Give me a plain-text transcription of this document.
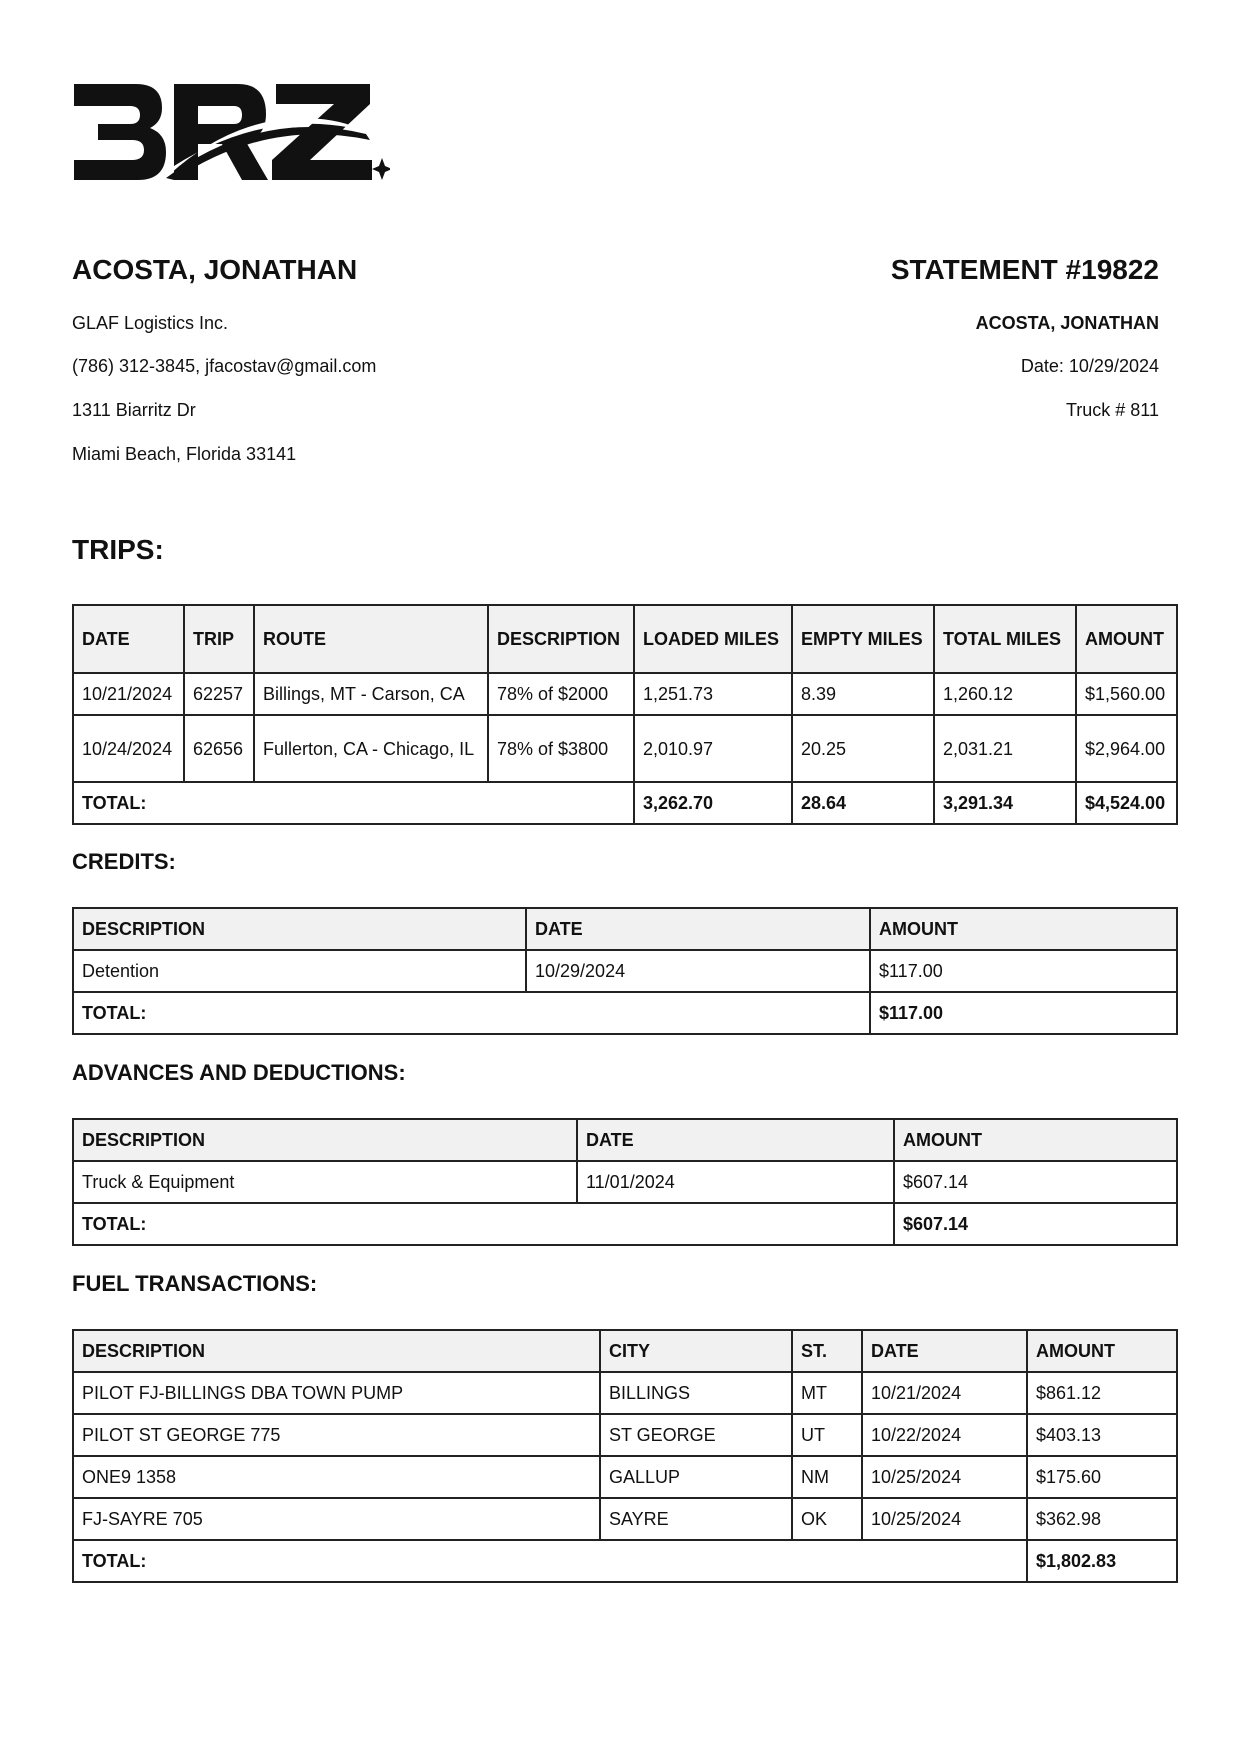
ACOSTA, JONATHAN

GLAF Logistics Inc.

(786) 312-3845, jfacostav@gmail.com

1311 Biarritz Dr

Miami Beach, Florida 33141

STATEMENT #19822

ACOSTA, JONATHAN

Date: 10/29/2024

Truck # 811

TRIPS:

DATE	TRIP	ROUTE	DESCRIPTION	LOADED MILES	EMPTY MILES	TOTAL MILES	AMOUNT
10/21/2024	62257	Billings, MT - Carson, CA	78% of $2000	1,251.73	8.39	1,260.12	$1,560.00
10/24/2024	62656	Fullerton, CA - Chicago, IL	78% of $3800	2,010.97	20.25	2,031.21	$2,964.00
TOTAL:				3,262.70	28.64	3,291.34	$4,524.00

CREDITS:

DESCRIPTION	DATE	AMOUNT
Detention	10/29/2024	$117.00
TOTAL:		$117.00

ADVANCES AND DEDUCTIONS:

DESCRIPTION	DATE	AMOUNT
Truck & Equipment	11/01/2024	$607.14
TOTAL:		$607.14

FUEL TRANSACTIONS:

DESCRIPTION	CITY	ST.	DATE	AMOUNT
PILOT FJ-BILLINGS DBA TOWN PUMP	BILLINGS	MT	10/21/2024	$861.12
PILOT ST GEORGE 775	ST GEORGE	UT	10/22/2024	$403.13
ONE9 1358	GALLUP	NM	10/25/2024	$175.60
FJ-SAYRE 705	SAYRE	OK	10/25/2024	$362.98
TOTAL:				$1,802.83
